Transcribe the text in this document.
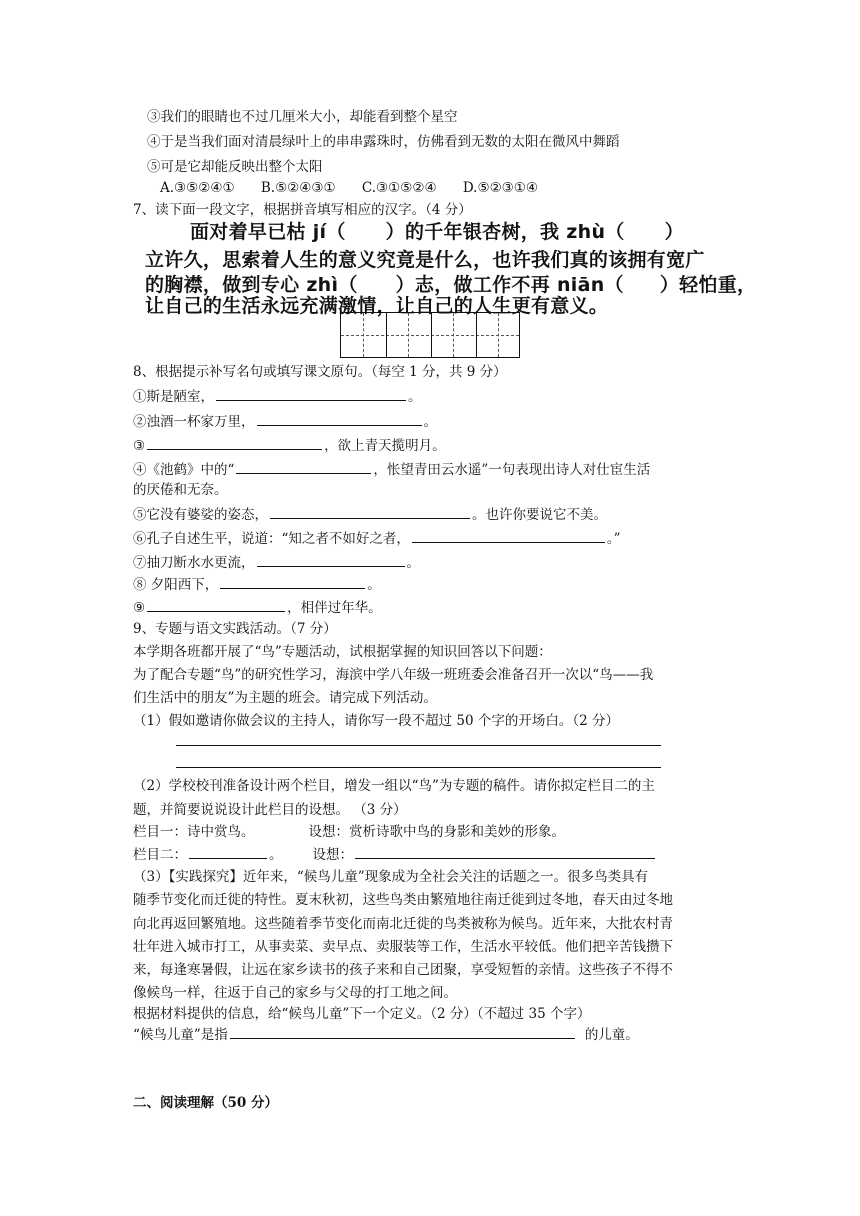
③我们的眼睛也不过几厘米大小，却能看到整个星空
④于是当我们面对清晨绿叶上的串串露珠时，仿佛看到无数的太阳在微风中舞蹈
⑤可是它却能反映出整个太阳
A.③⑤②④① B.⑤②④③① C.③①⑤②④ D.⑤②③①④
7、读下面一段文字，根据拼音填写相应的汉字。（4 分）
面对着早已枯 jí（ ）的千年银杏树，我 zhù（ ）
立许久，思索着人生的意义究竟是什么，也许我们真的该拥有宽广
的胸襟，做到专心 zhì（ ）志，做工作不再 niān（ ）轻怕重，
让自己的生活永远充满激情，让自己的人生更有意义。
8、根据提示补写名句或填写课文原句。（每空 1 分，共 9 分）
①斯是陋室，	。
②浊酒一杯家万里，	。
③	，欲上青天揽明月。
④《池鹤》中的“	，怅望青田云水遥”一句表现出诗人对仕宦生活
的厌倦和无奈。
⑤它没有婆娑的姿态，	。也许你要说它不美。
⑥孔子自述生平，说道：“知之者不如好之者，	。”
⑦抽刀断水水更流，	。
⑧ 夕阳西下，	。
⑨	，相伴过年华。
9、专题与语文实践活动。（7 分）
本学期各班都开展了“鸟”专题活动，试根据掌握的知识回答以下问题：
为了配合专题“鸟”的研究性学习，海滨中学八年级一班班委会准备召开一次以“鸟——我
们生活中的朋友”为主题的班会。请完成下列活动。
（1）假如邀请你做会议的主持人，请你写一段不超过 50 个字的开场白。（2 分）
（2）学校校刊准备设计两个栏目，增发一组以“鸟”为专题的稿件。请你拟定栏目二的主
题，并简要说说设计此栏目的设想。 （3 分）
栏目一：诗中赏鸟。	设想：赏析诗歌中鸟的身影和美妙的形象。
栏目二：	。 设想：
（3）【实践探究】近年来，“候鸟儿童”现象成为全社会关注的话题之一。很多鸟类具有
随季节变化而迁徙的特性。夏末秋初，这些鸟类由繁殖地往南迁徙到过冬地，春天由过冬地
向北再返回繁殖地。这些随着季节变化而南北迁徙的鸟类被称为候鸟。近年来，大批农村青
壮年进入城市打工，从事卖菜、卖早点、卖服装等工作，生活水平较低。他们把辛苦钱攒下
来，每逢寒暑假，让远在家乡读书的孩子来和自己团聚，享受短暂的亲情。这些孩子不得不
像候鸟一样，往返于自己的家乡与父母的打工地之间。
根据材料提供的信息，给“候鸟儿童”下一个定义。（2 分）（不超过 35 个字）
“候鸟儿童”是指	的儿童。
二、阅读理解（50 分）
